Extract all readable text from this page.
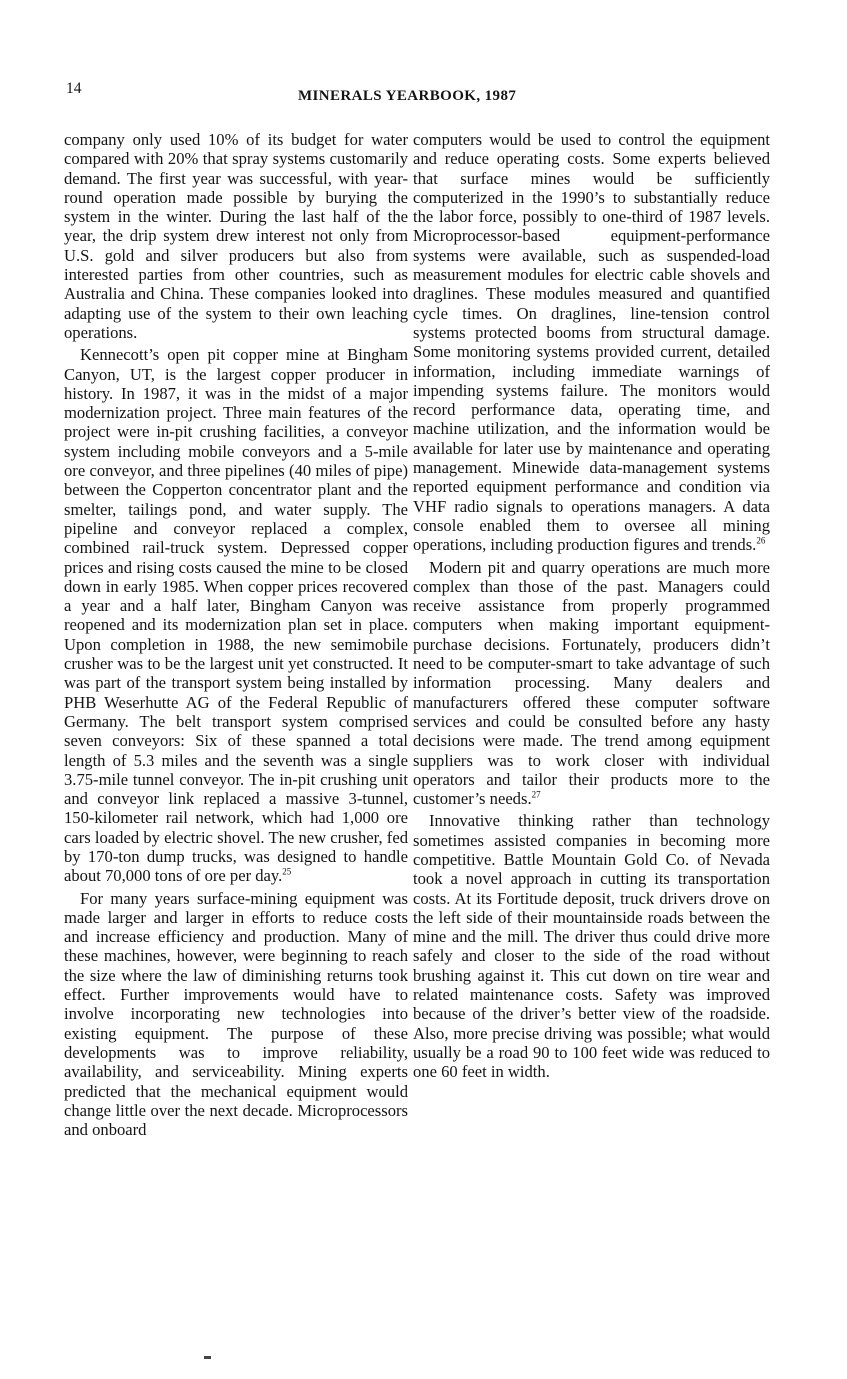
14	MINERALS YEARBOOK, 1987

company only used 10% of its budget for water compared with 20% that spray systems customarily demand. The first year was successful, with year-round operation made possible by burying the system in the winter. During the last half of the year, the drip system drew interest not only from U.S. gold and silver producers but also from interested parties from other countries, such as Australia and China. These companies looked into adapting use of the system to their own leaching operations.

Kennecott’s open pit copper mine at Bingham Canyon, UT, is the largest copper producer in history. In 1987, it was in the midst of a major modernization project. Three main features of the project were in-pit crushing facilities, a conveyor system including mobile conveyors and a 5-mile ore conveyor, and three pipelines (40 miles of pipe) between the Copperton concentrator plant and the smelter, tailings pond, and water supply. The pipeline and conveyor replaced a complex, combined rail-truck system. Depressed copper prices and rising costs caused the mine to be closed down in early 1985. When copper prices recovered a year and a half later, Bingham Canyon was reopened and its modernization plan set in place. Upon completion in 1988, the new semimobile crusher was to be the largest unit yet constructed. It was part of the transport system being installed by PHB Weserhutte AG of the Federal Republic of Germany. The belt transport system comprised seven conveyors: Six of these spanned a total length of 5.3 miles and the seventh was a single 3.75-mile tunnel conveyor. The in-pit crushing unit and conveyor link replaced a massive 3-tunnel, 150-kilometer rail network, which had 1,000 ore cars loaded by electric shovel. The new crusher, fed by 170-ton dump trucks, was designed to handle about 70,000 tons of ore per day.$^{25}$

For many years surface-mining equipment was made larger and larger in efforts to reduce costs and increase efficiency and production. Many of these machines, however, were beginning to reach the size where the law of diminishing returns took effect. Further improvements would have to involve incorporating new technologies into existing equipment. The purpose of these developments was to improve reliability, availability, and serviceability. Mining experts predicted that the mechanical equipment would change little over the next decade. Microprocessors and onboard

computers would be used to control the equipment and reduce operating costs. Some experts believed that surface mines would be sufficiently computerized in the 1990’s to substantially reduce the labor force, possibly to one-third of 1987 levels. Microprocessor-based equipment-performance systems were available, such as suspended-load measurement modules for electric cable shovels and draglines. These modules measured and quantified cycle times. On draglines, line-tension control systems protected booms from structural damage. Some monitoring systems provided current, detailed information, including immediate warnings of impending systems failure. The monitors would record performance data, operating time, and machine utilization, and the information would be available for later use by maintenance and operating management. Minewide data-management systems reported equipment performance and condition via VHF radio signals to operations managers. A data console enabled them to oversee all mining operations, including production figures and trends.$^{26}$

Modern pit and quarry operations are much more complex than those of the past. Managers could receive assistance from properly programmed computers when making important equipment-purchase decisions. Fortunately, producers didn’t need to be computer-smart to take advantage of such information processing. Many dealers and manufacturers offered these computer software services and could be consulted before any hasty decisions were made. The trend among equipment suppliers was to work closer with individual operators and tailor their products more to the customer’s needs.$^{27}$

Innovative thinking rather than technology sometimes assisted companies in becoming more competitive. Battle Mountain Gold Co. of Nevada took a novel approach in cutting its transportation costs. At its Fortitude deposit, truck drivers drove on the left side of their mountainside roads between the mine and the mill. The driver thus could drive more safely and closer to the side of the road without brushing against it. This cut down on tire wear and related maintenance costs. Safety was improved because of the driver’s better view of the roadside. Also, more precise driving was possible; what would usually be a road 90 to 100 feet wide was reduced to one 60 feet in width.
